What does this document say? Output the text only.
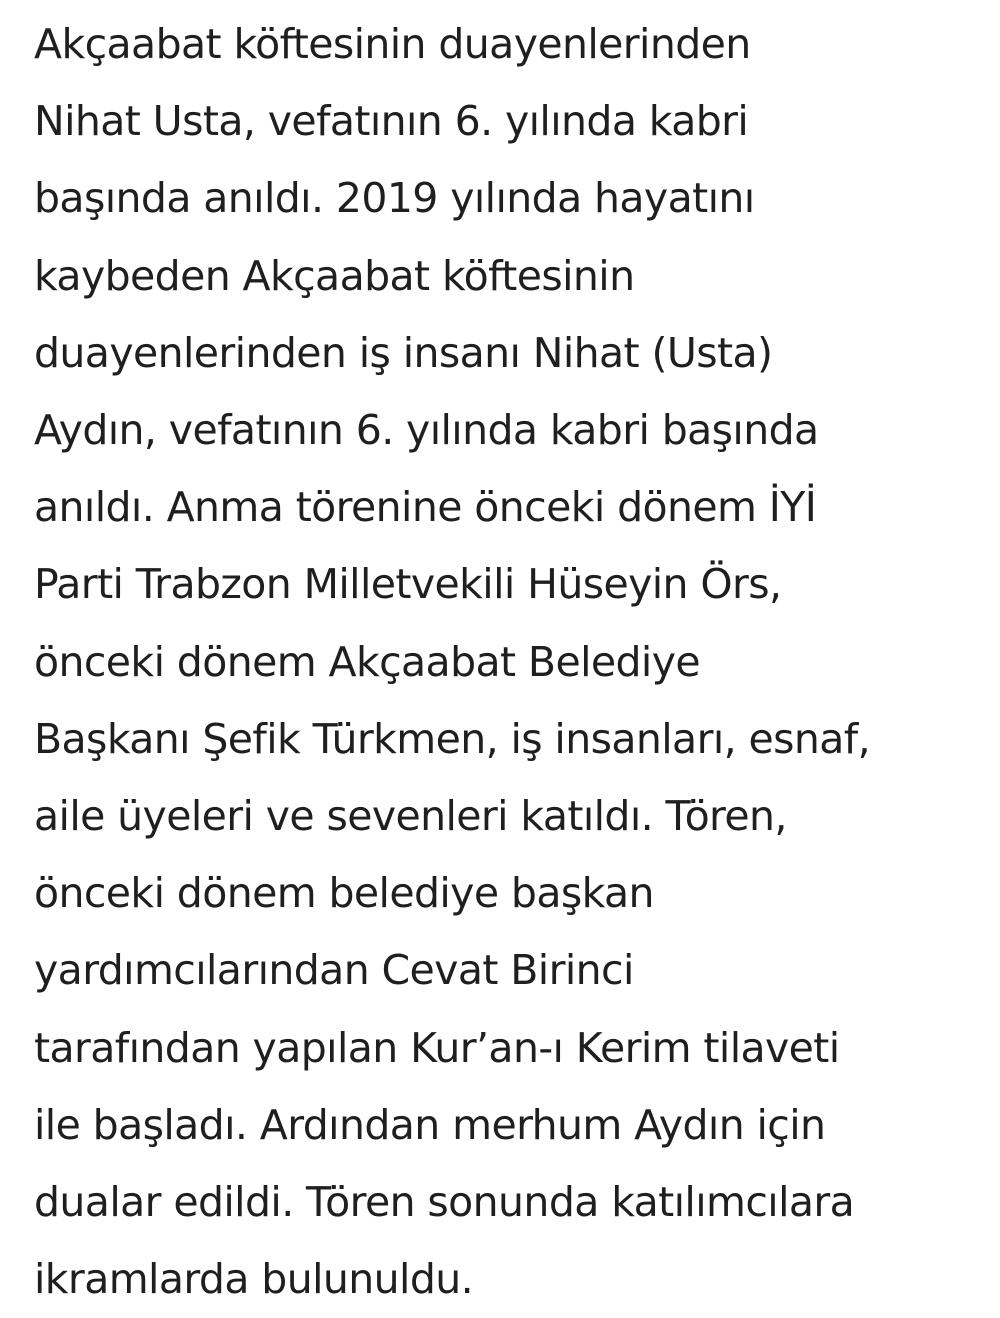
Akçaabat köftesinin duayenlerinden
Nihat Usta, vefatının 6. yılında kabri
başında anıldı. 2019 yılında hayatını
kaybeden Akçaabat köftesinin
duayenlerinden iş insanı Nihat (Usta)
Aydın, vefatının 6. yılında kabri başında
anıldı. Anma törenine önceki dönem İYİ
Parti Trabzon Milletvekili Hüseyin Örs,
önceki dönem Akçaabat Belediye
Başkanı Şefik Türkmen, iş insanları, esnaf,
aile üyeleri ve sevenleri katıldı. Tören,
önceki dönem belediye başkan
yardımcılarından Cevat Birinci
tarafından yapılan Kur’an-ı Kerim tilaveti
ile başladı. Ardından merhum Aydın için
dualar edildi. Tören sonunda katılımcılara
ikramlarda bulunuldu.
